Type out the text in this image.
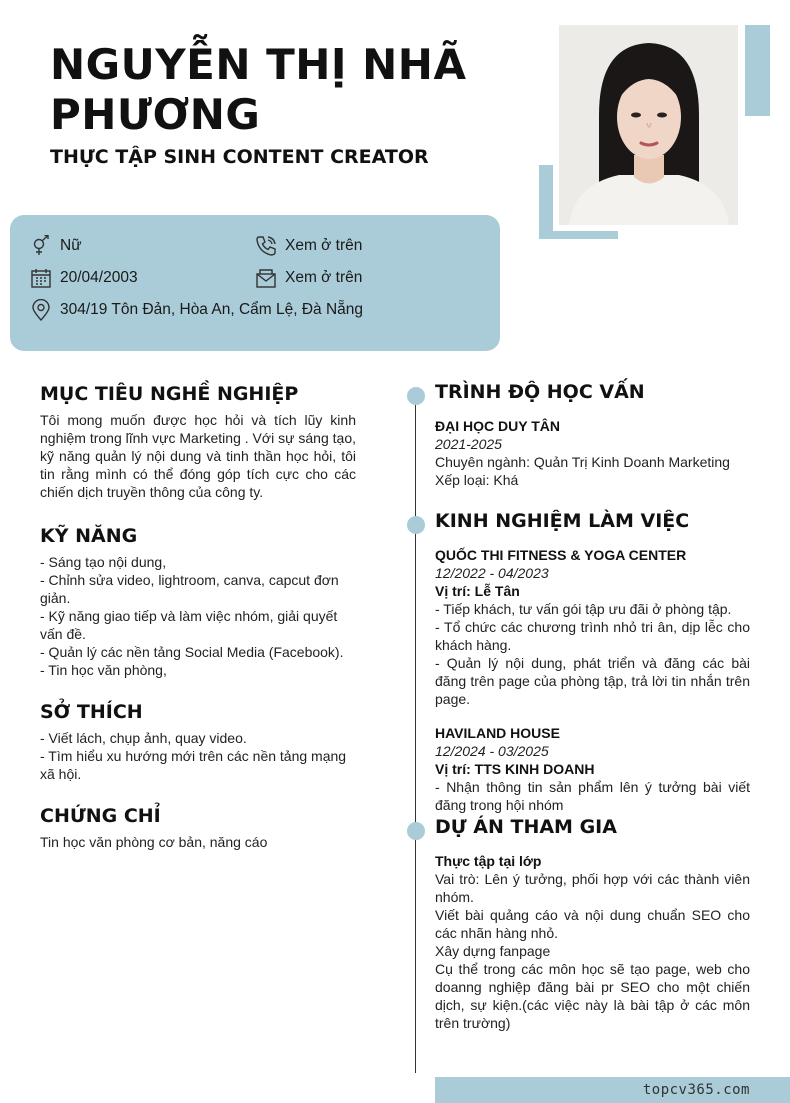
NGUYỄN THỊ NHÃ
PHƯƠNG
THỰC TẬP SINH CONTENT CREATOR
Nữ
20/04/2003
304/19 Tôn Đản, Hòa An, Cẩm Lệ, Đà Nẵng
Xem ở trên
Xem ở trên
MỤC TIÊU NGHỀ NGHIỆP
Tôi mong muốn được học hỏi và tích lũy kinh nghiệm trong lĩnh vực Marketing . Với sự sáng tạo, kỹ năng quản lý nội dung và tinh thần học hỏi, tôi tin rằng mình có thể đóng góp tích cực cho các chiến dịch truyền thông của công ty.
KỸ NĂNG
- Sáng tạo nội dung,
- Chỉnh sửa video, lightroom, canva, capcut đơn giản.
- Kỹ năng giao tiếp và làm việc nhóm, giải quyết vấn đề.
- Quản lý các nền tảng Social Media (Facebook).
- Tin học văn phòng,
SỞ THÍCH
- Viết lách, chụp ảnh, quay video.
- Tìm hiểu xu hướng mới trên các nền tảng mạng xã hội.
CHỨNG CHỈ
Tin học văn phòng cơ bản, năng cáo
TRÌNH ĐỘ HỌC VẤN
ĐẠI HỌC DUY TÂN
2021-2025
Chuyên ngành: Quản Trị Kinh Doanh Marketing
Xếp loại: Khá
KINH NGHIỆM LÀM VIỆC
QUỐC THI FITNESS & YOGA CENTER
12/2022 - 04/2023
Vị trí: Lễ Tân
- Tiếp khách, tư vấn gói tập ưu đãi ở phòng tập.
- Tổ chức các chương trình nhỏ tri ân, dịp lễc cho khách hàng.
- Quản lý nội dung, phát triển và đăng các bài đăng trên page của phòng tập, trả lời tin nhắn trên page.
HAVILAND HOUSE
12/2024 - 03/2025
Vị trí: TTS KINH DOANH
- Nhận thông tin sản phẩm lên ý tưởng bài viết đăng trong hội nhóm
DỰ ÁN THAM GIA
Thực tập tại lớp
Vai trò: Lên ý tưởng, phối hợp với các thành viên nhóm.
Viết bài quảng cáo và nội dung chuẩn SEO cho các nhãn hàng nhỏ.
Xây dựng fanpage
Cụ thể trong các môn học sẽ tạo page, web cho doanng nghiệp đăng bài pr SEO cho một chiến dịch, sự kiện.(các việc này là bài tập ở các môn trên trường)
topcv365.com
